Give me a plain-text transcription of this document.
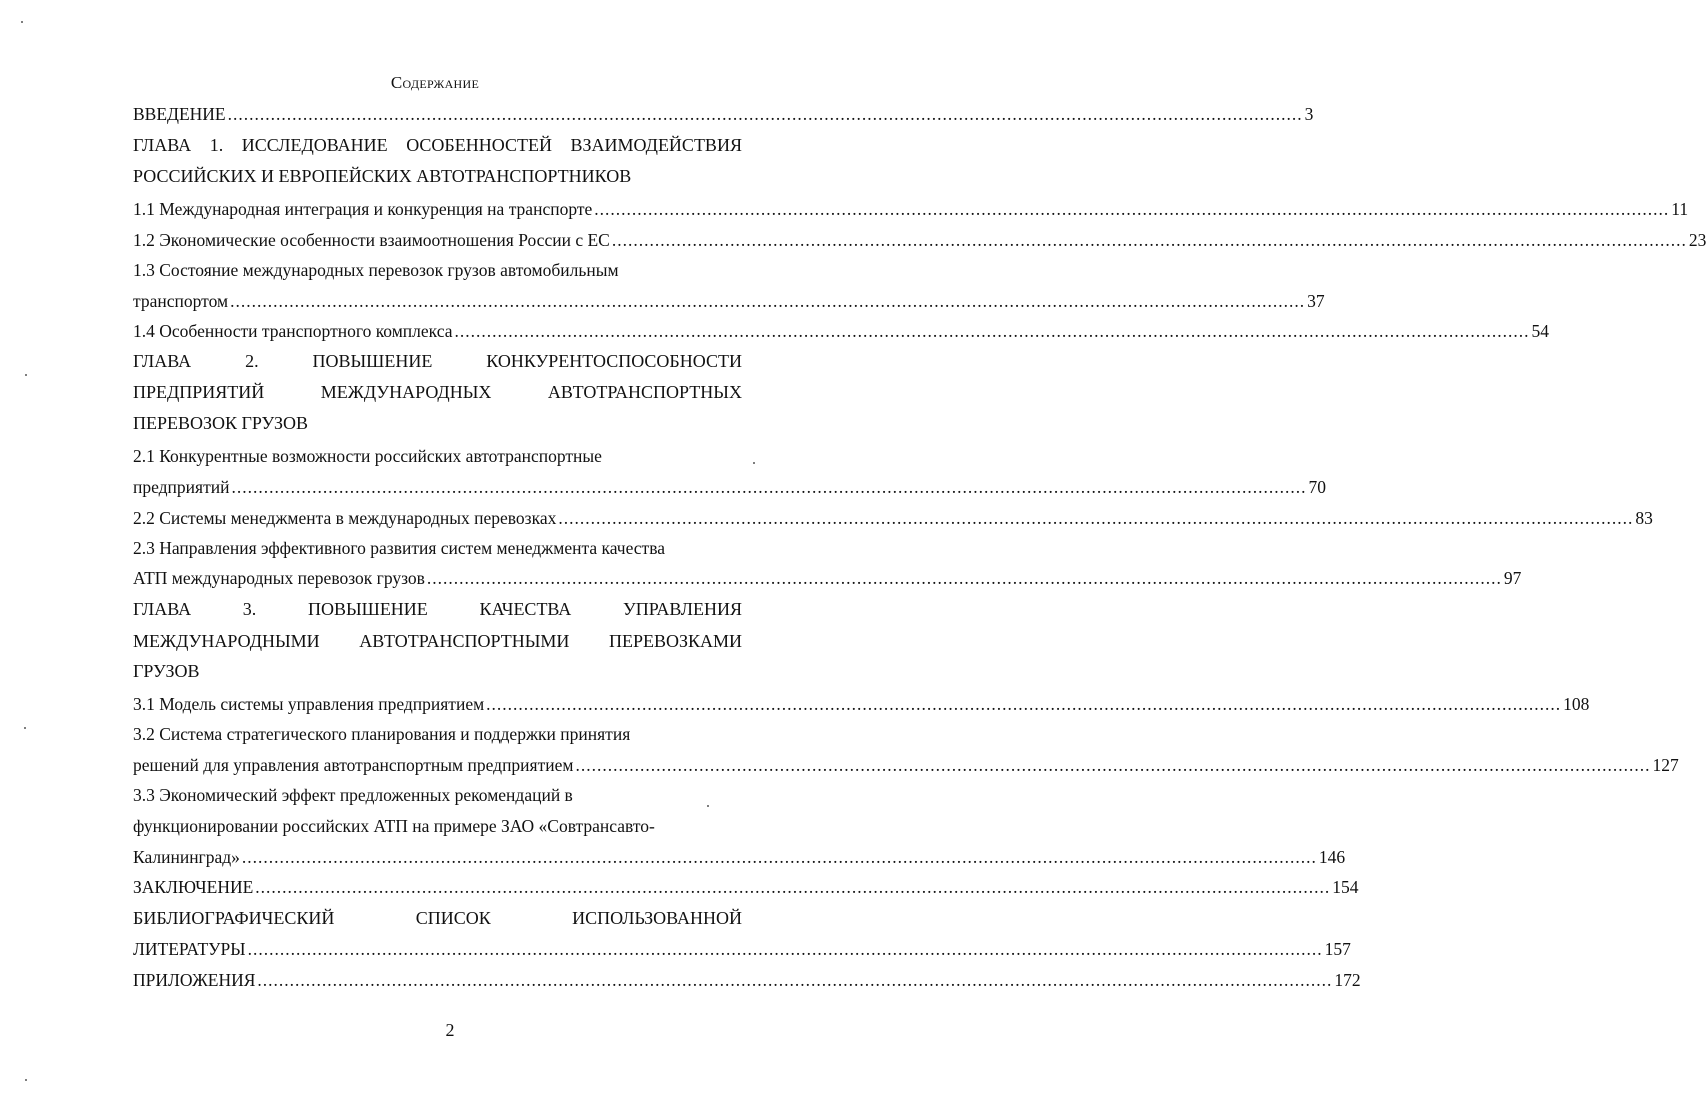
Содержание
ВВЕДЕНИЕ ........................................................................................................................................................................................................ 3
ГЛАВА 1. ИССЛЕДОВАНИЕ ОСОБЕННОСТЕЙ ВЗАИМОДЕЙСТВИЯ
РОССИЙСКИХ И ЕВРОПЕЙСКИХ АВТОТРАНСПОРТНИКОВ
1.1 Международная интеграция и конкуренция на транспорте ........................................................................................................................................................................................................ 11
1.2 Экономические особенности взаимоотношения России с ЕС ........................................................................................................................................................................................................ 23
1.3 Состояние международных перевозок грузов автомобильным
транспортом ........................................................................................................................................................................................................ 37
1.4 Особенности транспортного комплекса ........................................................................................................................................................................................................ 54
ГЛАВА	2.	ПОВЫШЕНИЕ	КОНКУРЕНТОСПОСОБНОСТИ
ПРЕДПРИЯТИЙ	МЕЖДУНАРОДНЫХ	АВТОТРАНСПОРТНЫХ
ПЕРЕВОЗОК ГРУЗОВ
2.1 Конкурентные возможности российских автотранспортные
предприятий ........................................................................................................................................................................................................ 70
2.2 Системы менеджмента в международных перевозках ........................................................................................................................................................................................................ 83
2.3 Направления эффективного развития систем менеджмента качества
АТП международных перевозок грузов ........................................................................................................................................................................................................ 97
ГЛАВА	3.	ПОВЫШЕНИЕ	КАЧЕСТВА	УПРАВЛЕНИЯ
МЕЖДУНАРОДНЫМИ АВТОТРАНСПОРТНЫМИ ПЕРЕВОЗКАМИ
ГРУЗОВ
3.1 Модель системы управления предприятием ........................................................................................................................................................................................................ 108
3.2 Система стратегического планирования и поддержки принятия
решений для управления автотранспортным предприятием ........................................................................................................................................................................................................ 127
3.3 Экономический эффект предложенных рекомендаций в
функционировании российских АТП на примере ЗАО «Совтрансавто-
Калининград» ........................................................................................................................................................................................................ 146
ЗАКЛЮЧЕНИЕ ........................................................................................................................................................................................................ 154
БИБЛИОГРАФИЧЕСКИЙ	СПИСОК	ИСПОЛЬЗОВАННОЙ
ЛИТЕРАТУРЫ ........................................................................................................................................................................................................ 157
ПРИЛОЖЕНИЯ ........................................................................................................................................................................................................ 172
2
